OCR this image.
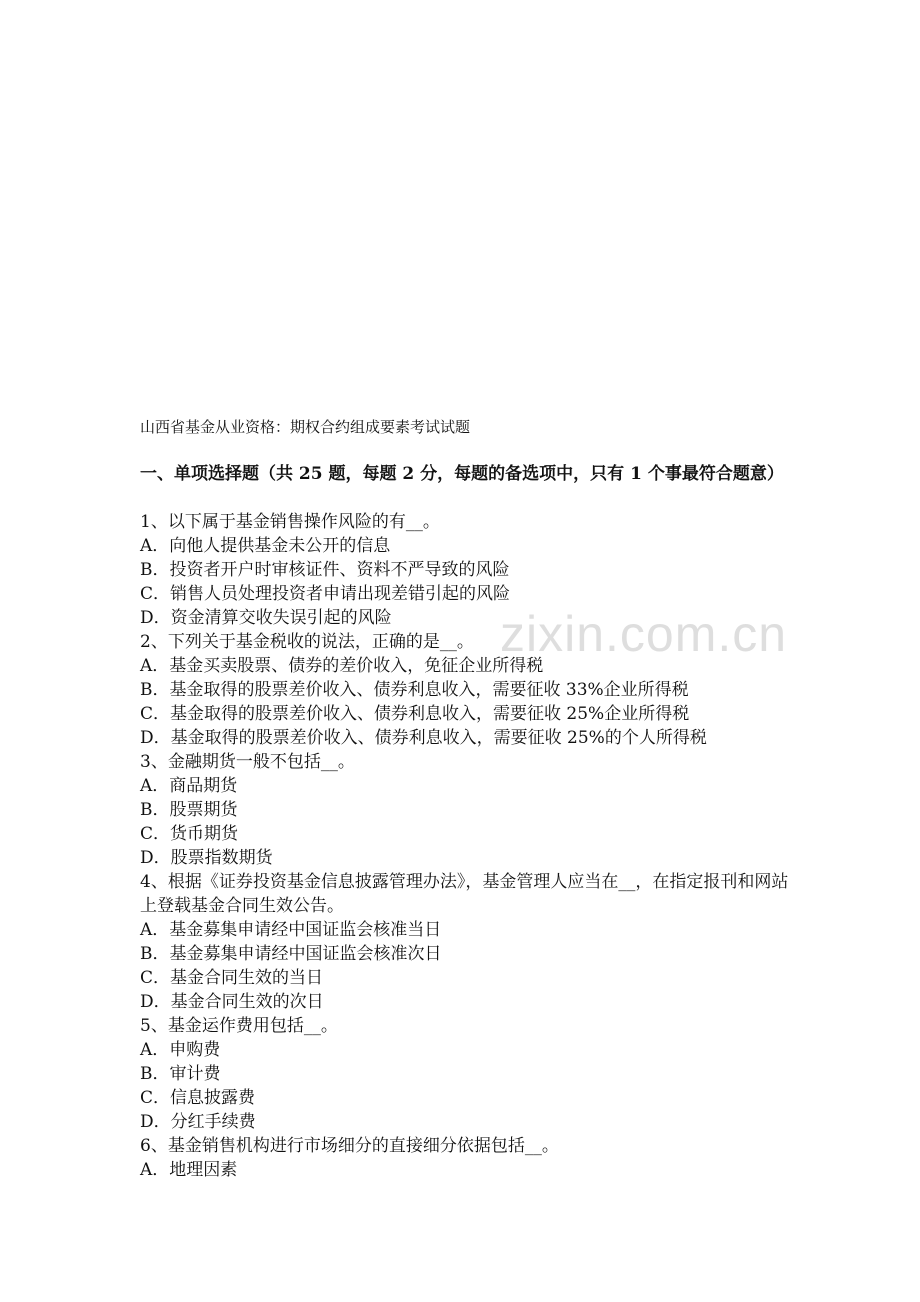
zixin.com.cn
山西省基金从业资格：期权合约组成要素考试试题
一、单项选择题（共 25 题，每题 2 分，每题的备选项中，只有 1 个事最符合题意）

1、以下属于基金销售操作风险的有__。

A．向他人提供基金未公开的信息

B．投资者开户时审核证件、资料不严导致的风险

C．销售人员处理投资者申请出现差错引起的风险

D．资金清算交收失误引起的风险

2、下列关于基金税收的说法，正确的是__。

A．基金买卖股票、债券的差价收入，免征企业所得税

B．基金取得的股票差价收入、债券利息收入，需要征收 33%企业所得税

C．基金取得的股票差价收入、债券利息收入，需要征收 25%企业所得税

D．基金取得的股票差价收入、债券利息收入，需要征收 25%的个人所得税

3、金融期货一般不包括__。

A．商品期货

B．股票期货

C．货币期货

D．股票指数期货

4、根据《证券投资基金信息披露管理办法》，基金管理人应当在__，在指定报刊和网站上登载基金合同生效公告。

A．基金募集申请经中国证监会核准当日

B．基金募集申请经中国证监会核准次日

C．基金合同生效的当日

D．基金合同生效的次日

5、基金运作费用包括__。

A．申购费

B．审计费

C．信息披露费

D．分红手续费

6、基金销售机构进行市场细分的直接细分依据包括__。

A．地理因素
